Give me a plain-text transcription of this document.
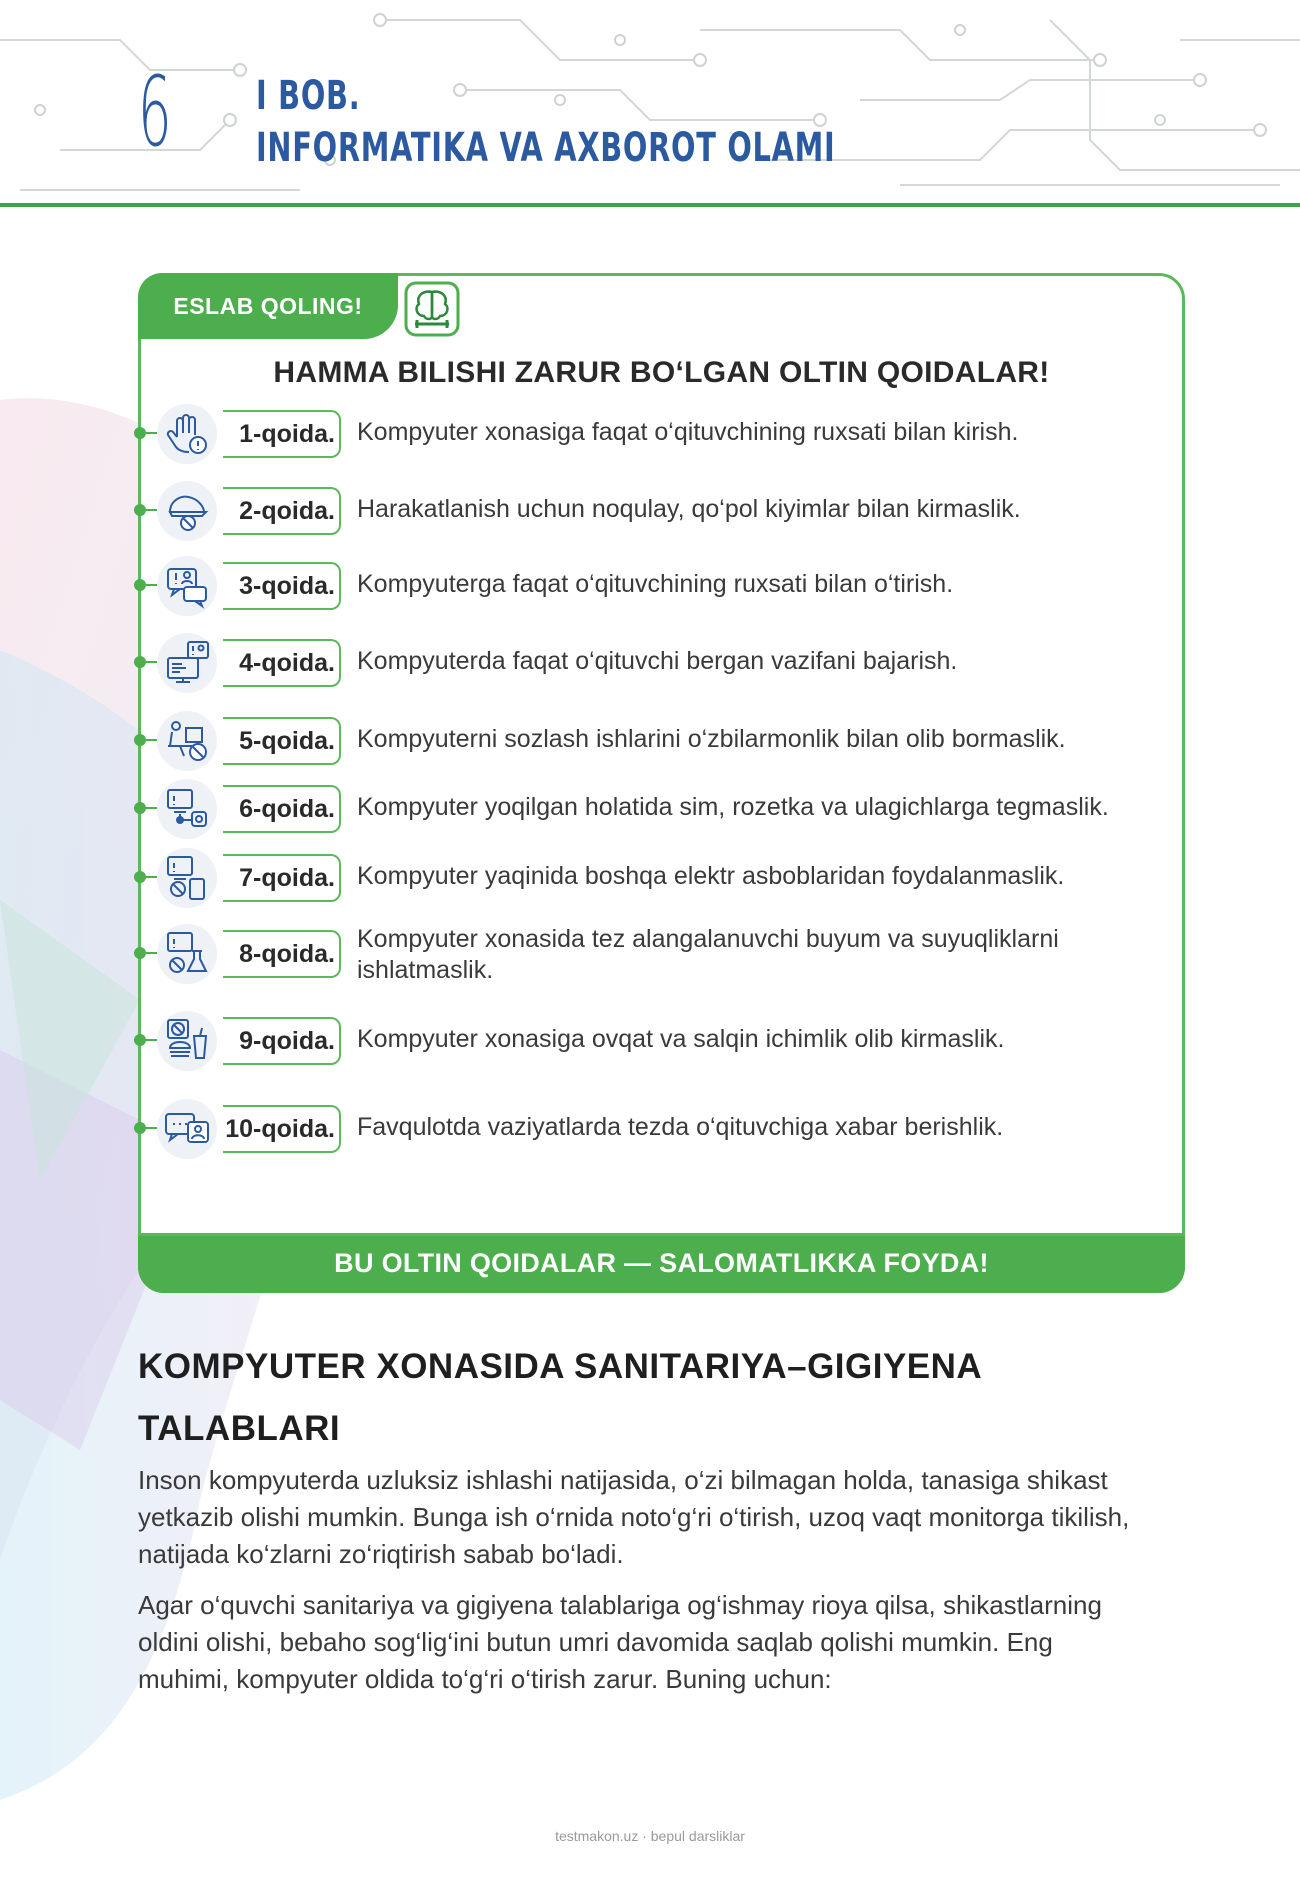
6 I BOB.
INFORMATIKA VA AXBOROT OLAMI
ESLAB QOLING!
HAMMA BILISHI ZARUR BO‘LGAN OLTIN QOIDALAR!
1-qoida. Kompyuter xonasiga faqat o‘qituvchining ruxsati bilan kirish.
2-qoida. Harakatlanish uchun noqulay, qo‘pol kiyimlar bilan kirmaslik.
3-qoida. Kompyuterga faqat o‘qituvchining ruxsati bilan o‘tirish.
4-qoida. Kompyuterda faqat o‘qituvchi bergan vazifani bajarish.
5-qoida. Kompyuterni sozlash ishlarini o‘zbilarmonlik bilan olib bormaslik.
6-qoida. Kompyuter yoqilgan holatida sim, rozetka va ulagichlarga tegmaslik.
7-qoida. Kompyuter yaqinida boshqa elektr asboblaridan foydalanmaslik.
8-qoida.
Kompyuter xonasida tez alangalanuvchi buyum va suyuqliklarni ishlatmaslik.
9-qoida. Kompyuter xonasiga ovqat va salqin ichimlik olib kirmaslik.
10-qoida. Favqulotda vaziyatlarda tezda o‘qituvchiga xabar berishlik.
BU OLTIN QOIDALAR — SALOMATLIKKA FOYDA!
KOMPYUTER XONASIDA SANITARIYA–GIGIYENA
TALABLARI

Inson kompyuterda uzluksiz ishlashi natijasida, o‘zi bilmagan holda, tanasiga shikast yetkazib olishi mumkin. Bunga ish o‘rnida noto‘g‘ri o‘tirish, uzoq vaqt monitorga tikilish, natijada ko‘zlarni zo‘riqtirish sabab bo‘ladi.

Agar o‘quvchi sanitariya va gigiyena talablariga og‘ishmay rioya qilsa, shikastlarning oldini olishi, bebaho sog‘lig‘ini butun umri davomida saqlab qolishi mumkin. Eng muhimi, kompyuter oldida to‘g‘ri o‘tirish zarur. Buning uchun:

testmakon.uz · bepul darsliklar
